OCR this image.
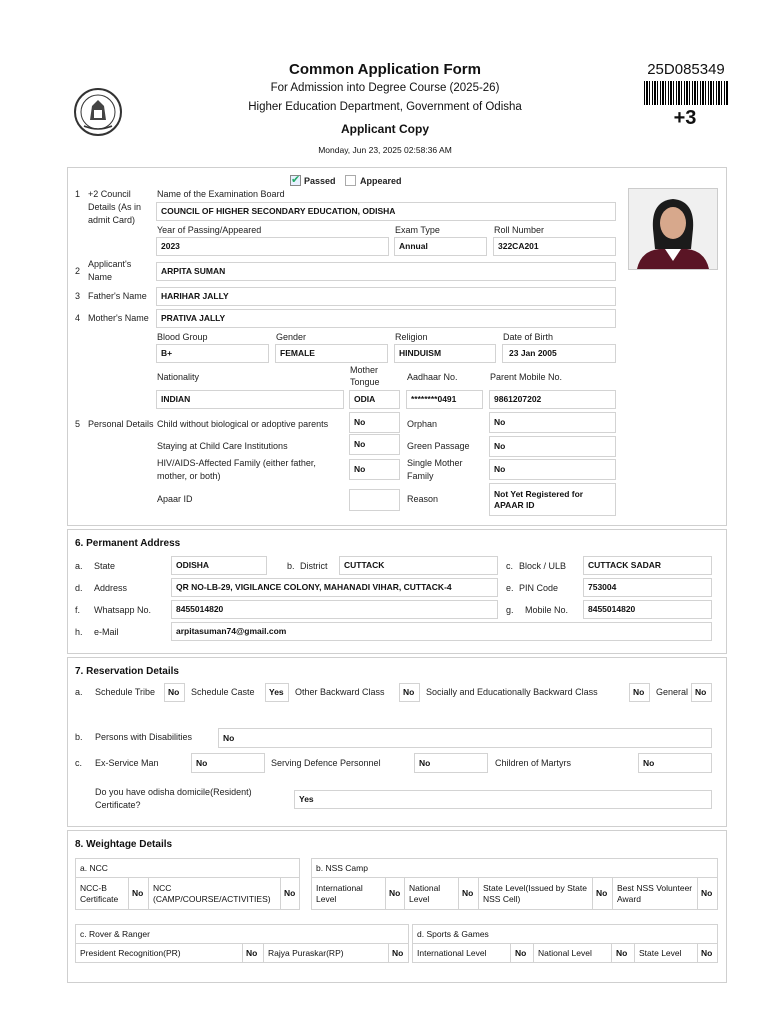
Common Application Form
For Admission into Degree Course (2025-26)
Higher Education Department, Government of Odisha
Applicant Copy
Monday, Jun 23, 2025 02:58:36 AM
25D085349
+3
✔ Passed	Appeared
1 +2 Council Details (As in admit Card)
Name of the Examination Board
COUNCIL OF HIGHER SECONDARY EDUCATION, ODISHA
Year of Passing/Appeared
2023
Exam Type
Annual
Roll Number
322CA201
2
Applicant's Name
ARPITA SUMAN
3 Father's Name	HARIHAR JALLY
4 Mother's Name	PRATIVA JALLY
Blood Group
B+
Gender
FEMALE
Religion
HINDUISM
Date of Birth
23 Jan 2005
Nationality
INDIAN
Mother Tongue
ODIA
Aadhaar No.
********0491
Parent Mobile No.
9861207202
5 Personal Details Child without biological or adoptive parents	No	Orphan	No
Staying at Child Care Institutions	No	Green Passage	No
HIV/AIDS-Affected Family (either father, mother, or both)
No
Single Mother Family
No
Apaar ID	Reason
Not Yet Registered for APAAR ID
6. Permanent Address
a. State	ODISHA	b. District	CUTTACK	c. Block / ULB	CUTTACK SADAR
d. Address	QR NO-LB-29, VIGILANCE COLONY, MAHANADI VIHAR, CUTTACK-4	e. PIN Code	753004
f. Whatsapp No.	8455014820	g. Mobile No.	8455014820
h. e-Mail	arpitasuman74@gmail.com
7. Reservation Details
a. Schedule Tribe	No	Schedule Caste	Yes	Other Backward Class	No	Socially and Educationally Backward Class	No	General No
b. Persons with Disabilities	No
c. Ex-Service Man	No	Serving Defence Personnel	No	Children of Martyrs	No
Do you have odisha domicile(Resident) Certificate?
Yes
8. Weightage Details
a. NCC
NCC-B Certificate
No
NCC (CAMP/COURSE/ACTIVITIES)
No
b. NSS Camp
International Level
No
National Level
No
State Level(Issued by State NSS Cell)
No
Best NSS Volunteer Award
No
c. Rover & Ranger
President Recognition(PR)	No	Rajya Puraskar(RP)	No
d. Sports & Games
International Level	No	National Level	No	State Level	No
